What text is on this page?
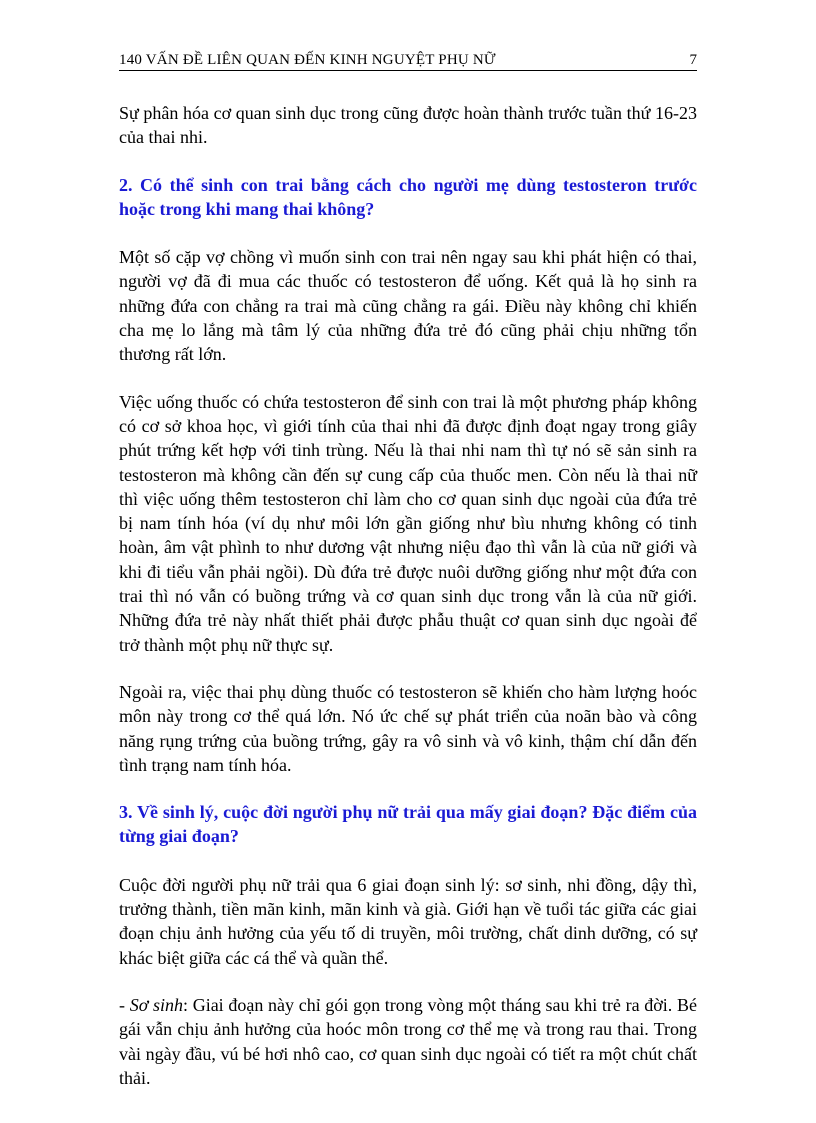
140 VẤN ĐỀ LIÊN QUAN ĐẾN KINH NGUYỆT PHỤ NỮ	7

Sự phân hóa cơ quan sinh dục trong cũng được hoàn thành trước tuần thứ 16-23 của thai nhi.

2. Có thể sinh con trai bằng cách cho người mẹ dùng testosteron trước hoặc trong khi mang thai không?

Một số cặp vợ chồng vì muốn sinh con trai nên ngay sau khi phát hiện có thai, người vợ đã đi mua các thuốc có testosteron để uống. Kết quả là họ sinh ra những đứa con chẳng ra trai mà cũng chẳng ra gái. Điều này không chỉ khiến cha mẹ lo lắng mà tâm lý của những đứa trẻ đó cũng phải chịu những tổn thương rất lớn.

Việc uống thuốc có chứa testosteron để sinh con trai là một phương pháp không có cơ sở khoa học, vì giới tính của thai nhi đã được định đoạt ngay trong giây phút trứng kết hợp với tinh trùng. Nếu là thai nhi nam thì tự nó sẽ sản sinh ra testosteron mà không cần đến sự cung cấp của thuốc men. Còn nếu là thai nữ thì việc uống thêm testosteron chỉ làm cho cơ quan sinh dục ngoài của đứa trẻ bị nam tính hóa (ví dụ như môi lớn gần giống như bìu nhưng không có tinh hoàn, âm vật phình to như dương vật nhưng niệu đạo thì vẫn là của nữ giới và khi đi tiểu vẫn phải ngồi). Dù đứa trẻ được nuôi dưỡng giống như một đứa con trai thì nó vẫn có buồng trứng và cơ quan sinh dục trong vẫn là của nữ giới. Những đứa trẻ này nhất thiết phải được phẫu thuật cơ quan sinh dục ngoài để trở thành một phụ nữ thực sự.

Ngoài ra, việc thai phụ dùng thuốc có testosteron sẽ khiến cho hàm lượng hoóc môn này trong cơ thể quá lớn. Nó ức chế sự phát triển của noãn bào và công năng rụng trứng của buồng trứng, gây ra vô sinh và vô kinh, thậm chí dẫn đến tình trạng nam tính hóa.

3. Về sinh lý, cuộc đời người phụ nữ trải qua mấy giai đoạn? Đặc điểm của từng giai đoạn?

Cuộc đời người phụ nữ trải qua 6 giai đoạn sinh lý: sơ sinh, nhi đồng, dậy thì, trưởng thành, tiền mãn kinh, mãn kinh và già. Giới hạn về tuổi tác giữa các giai đoạn chịu ảnh hưởng của yếu tố di truyền, môi trường, chất dinh dưỡng, có sự khác biệt giữa các cá thể và quần thể.

- Sơ sinh: Giai đoạn này chỉ gói gọn trong vòng một tháng sau khi trẻ ra đời. Bé gái vẫn chịu ảnh hưởng của hoóc môn trong cơ thể mẹ và trong rau thai. Trong vài ngày đầu, vú bé hơi nhô cao, cơ quan sinh dục ngoài có tiết ra một chút chất thải.
